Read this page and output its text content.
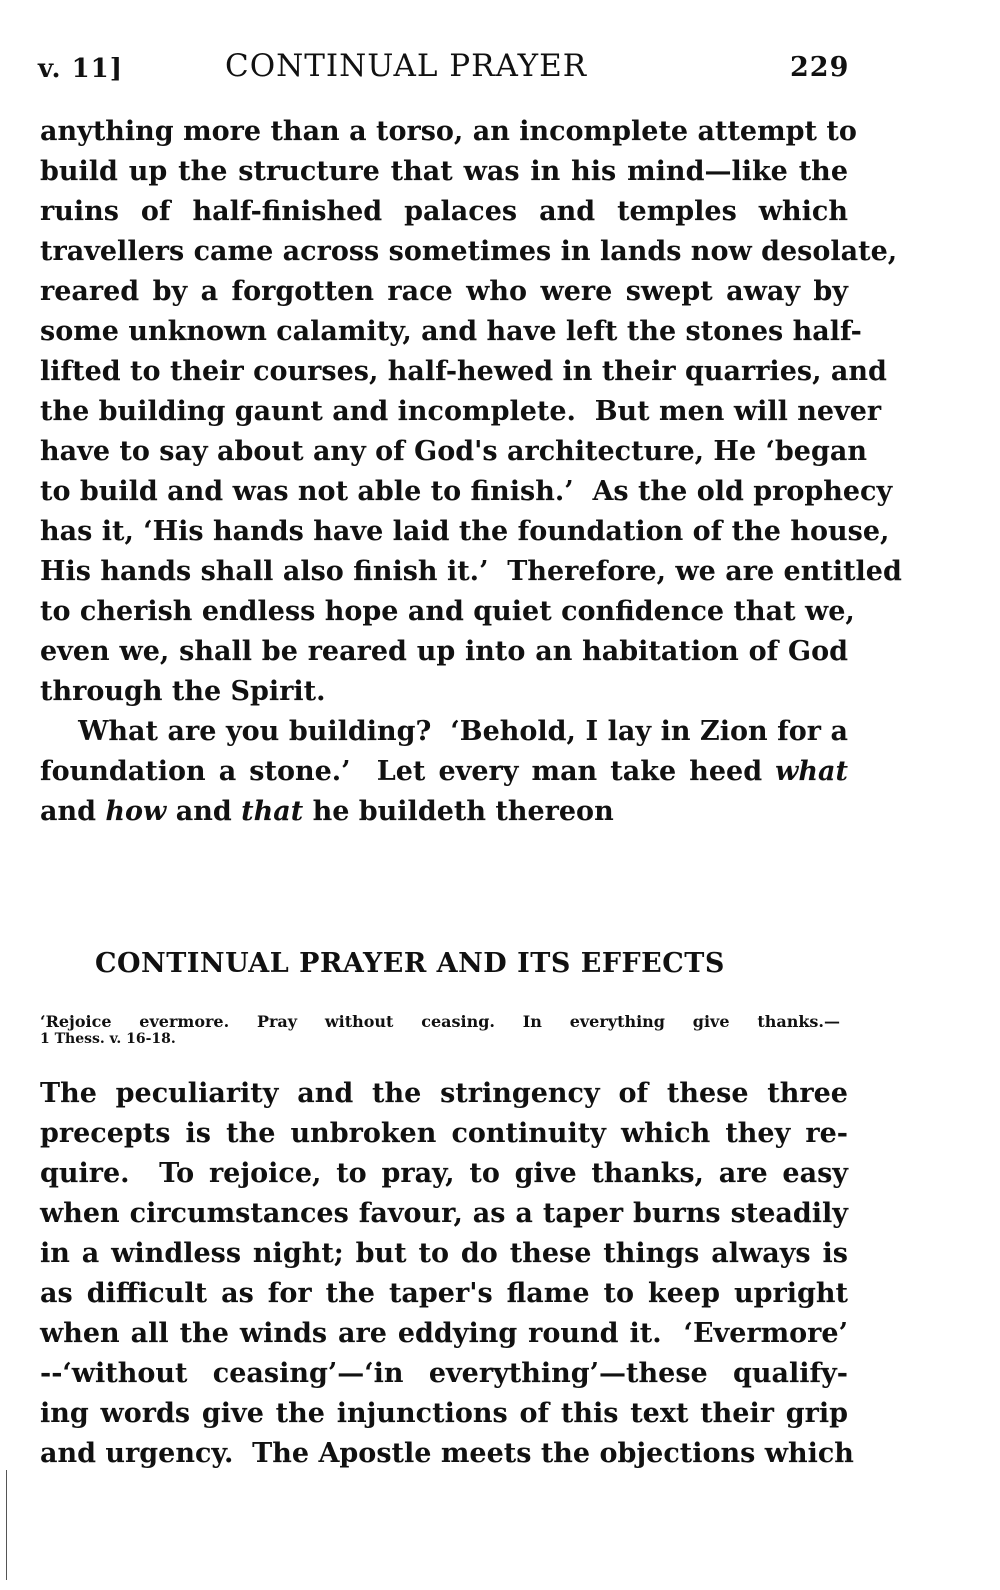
v. 11]	CONTINUAL PRAYER	229
anything more than a torso, an incomplete attempt to
build up the structure that was in his mind—like the
ruins of half-finished palaces and temples which
travellers came across sometimes in lands now desolate,
reared by a forgotten race who were swept away by
some unknown calamity, and have left the stones half-
lifted to their courses, half-hewed in their quarries, and
the building gaunt and incomplete.  But men will never
have to say about any of God's architecture, He ‘began
to build and was not able to finish.’  As the old prophecy
has it, ‘His hands have laid the foundation of the house,
His hands shall also finish it.’  Therefore, we are entitled
to cherish endless hope and quiet confidence that we,
even we, shall be reared up into an habitation of God
through the Spirit.
What are you building?  ‘Behold, I lay in Zion for a
foundation a stone.’  Let every man take heed what
and how and that he buildeth thereon
CONTINUAL PRAYER AND ITS EFFECTS
‘Rejoice evermore. Pray without ceasing. In everything give thanks.—
1 Thess. v. 16-18.
The peculiarity and the stringency of these three
precepts is the unbroken continuity which they re-
quire.  To rejoice, to pray, to give thanks, are easy
when circumstances favour, as a taper burns steadily
in a windless night; but to do these things always is
as difficult as for the taper's flame to keep upright
when all the winds are eddying round it.  ‘Evermore’
--‘without ceasing’—‘in everything’—these qualify-
ing words give the injunctions of this text their grip
and urgency.  The Apostle meets the objections which
